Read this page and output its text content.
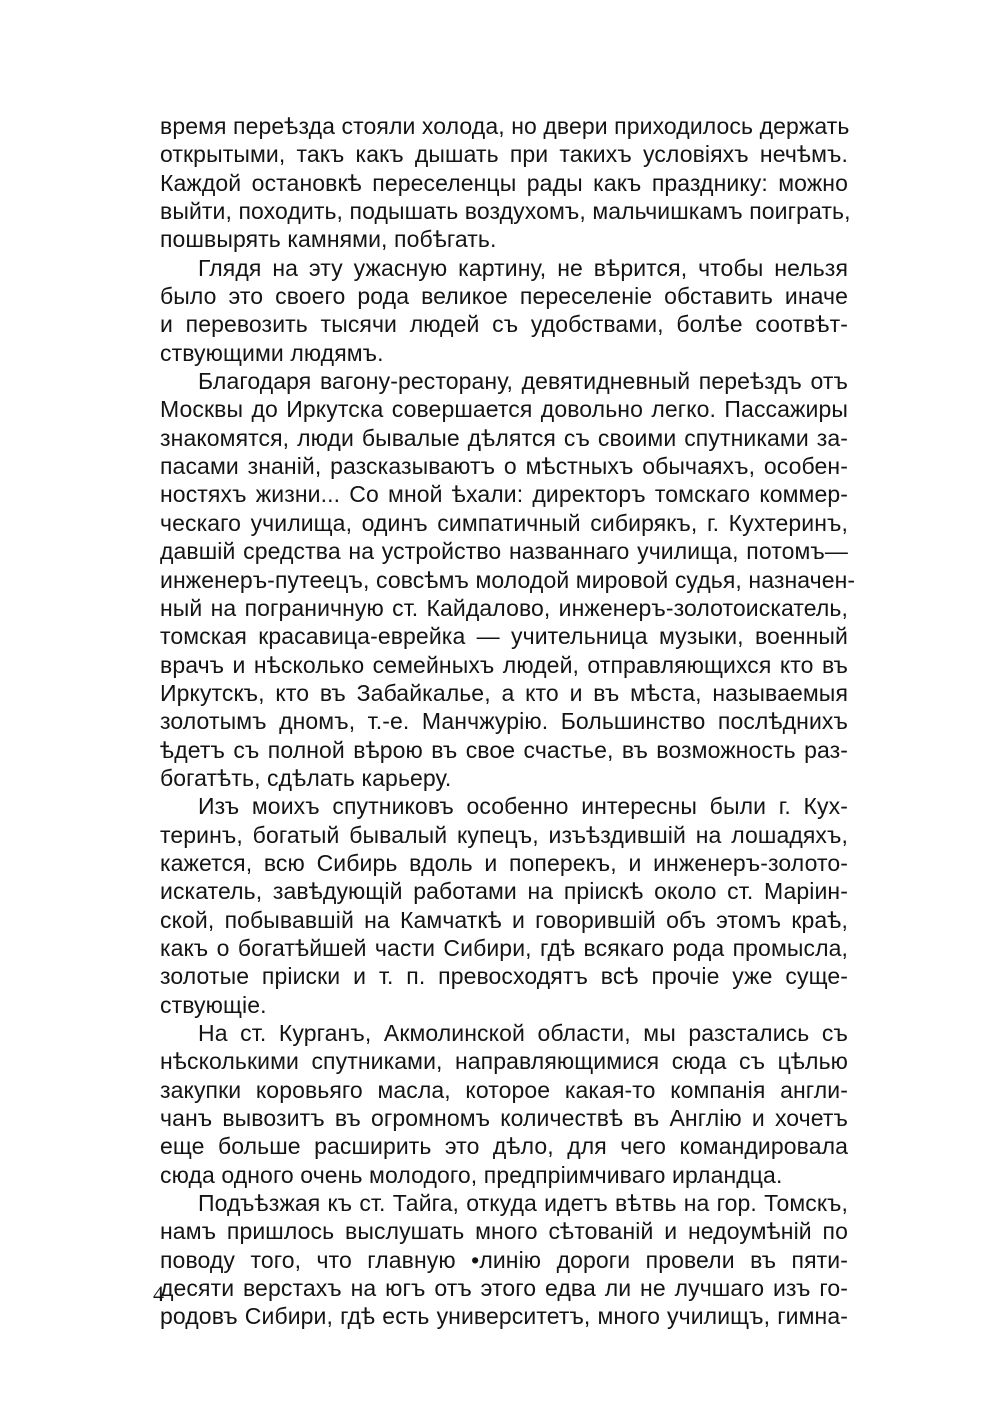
время переѣзда стояли холода, но двери приходилось держать
открытыми, такъ какъ дышать при такихъ условіяхъ нечѣмъ.
Каждой остановкѣ переселенцы рады какъ празднику: можно
выйти, походить, подышать воздухомъ, мальчишкамъ поиграть,
пошвырять камнями, побѣгать.
Глядя на эту ужасную картину, не вѣрится, чтобы нельзя
было это своего рода великое переселеніе обставить иначе
и перевозить тысячи людей съ удобствами, болѣе соотвѣт-
ствующими людямъ.
Благодаря вагону-ресторану, девятидневный переѣздъ отъ
Москвы до Иркутска совершается довольно легко. Пассажиры
знакомятся, люди бывалые дѣлятся съ своими спутниками за-
пасами знаній, разсказываютъ о мѣстныхъ обычаяхъ, особен-
ностяхъ жизни... Со мной ѣхали: директоръ томскаго коммер-
ческаго училища, одинъ симпатичный сибирякъ, г. Кухтеринъ,
давшій средства на устройство названнаго училища, потомъ—
инженеръ-путеецъ, совсѣмъ молодой мировой судья, назначен-
ный на пограничную ст. Кайдалово, инженеръ-золотоискатель,
томская красавица-еврейка — учительница музыки, военный
врачъ и нѣсколько семейныхъ людей, отправляющихся кто въ
Иркутскъ, кто въ Забайкалье, а кто и въ мѣста, называемыя
золотымъ дномъ, т.-е. Манчжурію. Большинство послѣднихъ
ѣдетъ съ полной вѣрою въ свое счастье, въ возможность раз-
богатѣть, сдѣлать карьеру.
Изъ моихъ спутниковъ особенно интересны были г. Кух-
теринъ, богатый бывалый купецъ, изъѣздившій на лошадяхъ,
кажется, всю Сибирь вдоль и поперекъ, и инженеръ-золото-
искатель, завѣдующій работами на пріискѣ около ст. Маріин-
ской, побывавшій на Камчаткѣ и говорившій объ этомъ краѣ,
какъ о богатѣйшей части Сибири, гдѣ всякаго рода промысла,
золотые пріиски и т. п. превосходятъ всѣ прочіе уже суще-
ствующіе.
На ст. Курганъ, Акмолинской области, мы разстались съ
нѣсколькими спутниками, направляющимися сюда съ цѣлью
закупки коровьяго масла, которое какая-то компанія англи-
чанъ вывозитъ въ огромномъ количествѣ въ Англію и хочетъ
еще больше расширить это дѣло, для чего командировала
сюда одного очень молодого, предпріимчиваго ирландца.
Подъѣзжая къ ст. Тайга, откуда идетъ вѣтвь на гор. Томскъ,
намъ пришлось выслушать много сѣтованій и недоумѣній по
поводу того, что главную •линію дороги провели въ пяти-
десяти верстахъ на югъ отъ этого едва ли не лучшаго изъ го-
родовъ Сибири, гдѣ есть университетъ, много училищъ, гимна-
4
